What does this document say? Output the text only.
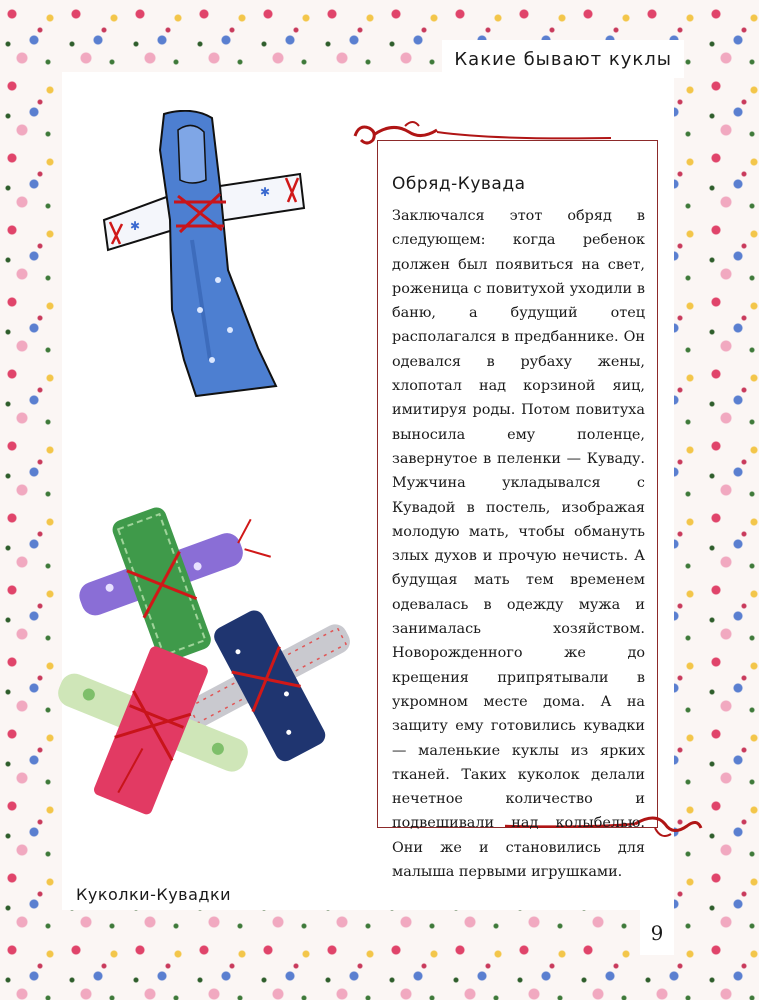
Какие бывают куклы
✱
✱	Обряд-Кувада

Заключался этот обряд в следующем: когда ребенок должен был появиться на свет, роженица с повитухой уходили в баню, а будущий отец располагался в предбаннике. Он одевался в рубаху жены, хлопотал над корзиной яиц, имитируя роды. Потом повитуха выносила ему поленце, завернутое в пеленки — Куваду. Мужчина укладывался с Кувадой в постель, изображая молодую мать, чтобы обмануть злых духов и прочую нечисть. А будущая мать тем временем одевалась в одежду мужа и занималась хозяйством. Новорожденного же до крещения припрятывали в укромном месте дома. А на защиту ему готовились кувадки — маленькие куклы из ярких тканей. Таких куколок делали нечетное количество и подвешивали над колыбелью. Они же и становились для малыша первыми игрушками.

Куколки-Кувадки
9
